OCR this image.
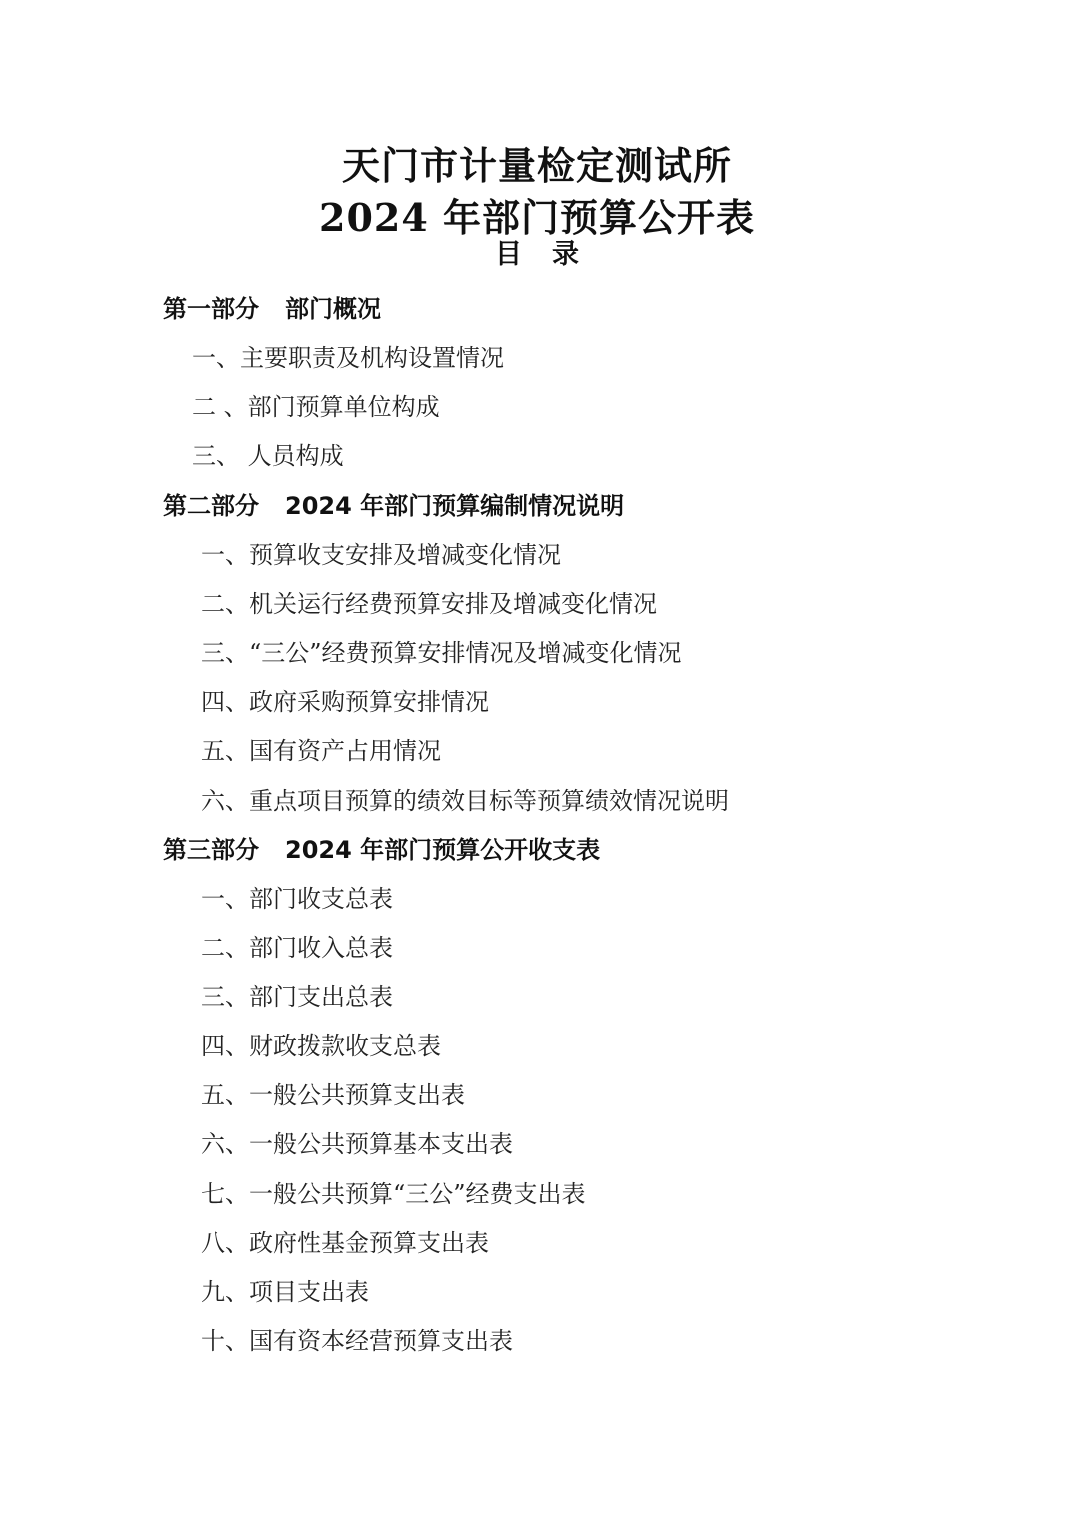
天门市计量检定测试所
2024 年部门预算公开表
目 录
第一部分 部门概况
一、主要职责及机构设置情况
二 、部门预算单位构成
三、 人员构成
第二部分 2024 年部门预算编制情况说明
一、预算收支安排及增减变化情况
二、机关运行经费预算安排及增减变化情况
三、“三公”经费预算安排情况及增减变化情况
四、政府采购预算安排情况
五、国有资产占用情况
六、重点项目预算的绩效目标等预算绩效情况说明
第三部分 2024 年部门预算公开收支表
一、部门收支总表
二、部门收入总表
三、部门支出总表
四、财政拨款收支总表
五、一般公共预算支出表
六、一般公共预算基本支出表
七、一般公共预算“三公”经费支出表
八、政府性基金预算支出表
九、项目支出表
十、国有资本经营预算支出表
